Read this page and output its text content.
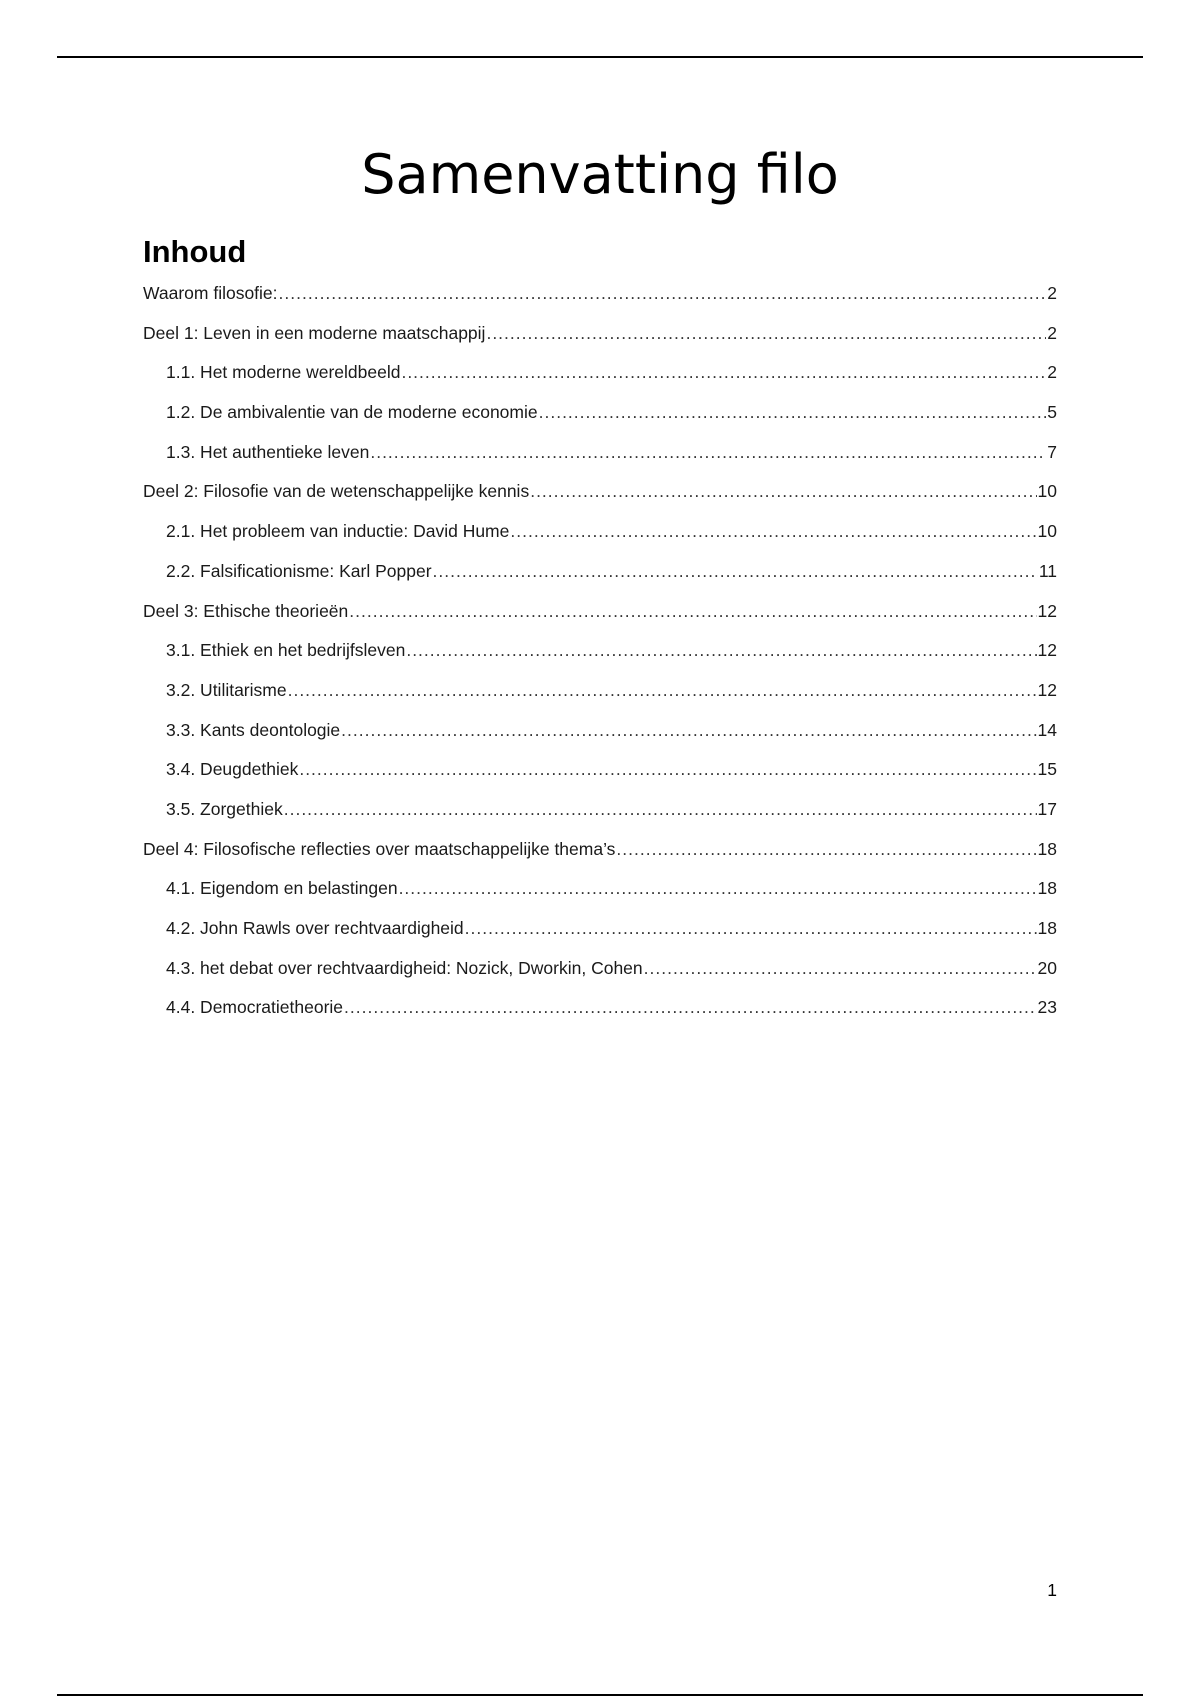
Samenvatting filo
Inhoud
Waarom filosofie: .....	2
Deel 1: Leven in een moderne maatschappij .....	2
1.1. Het moderne wereldbeeld .....	2
1.2. De ambivalentie van de moderne economie .....	5
1.3. Het authentieke leven .....	7
Deel 2: Filosofie van de wetenschappelijke kennis .....	10
2.1. Het probleem van inductie: David Hume .....	10
2.2. Falsificationisme: Karl Popper .....	11
Deel 3: Ethische theorieën .....	12
3.1. Ethiek en het bedrijfsleven .....	12
3.2. Utilitarisme .....	12
3.3. Kants deontologie .....	14
3.4. Deugdethiek .....	15
3.5. Zorgethiek .....	17
Deel 4: Filosofische reflecties over maatschappelijke thema’s .....	18
4.1. Eigendom en belastingen .....	18
4.2. John Rawls over rechtvaardigheid .....	18
4.3. het debat over rechtvaardigheid: Nozick, Dworkin, Cohen .....	20
4.4. Democratietheorie .....	23
1
